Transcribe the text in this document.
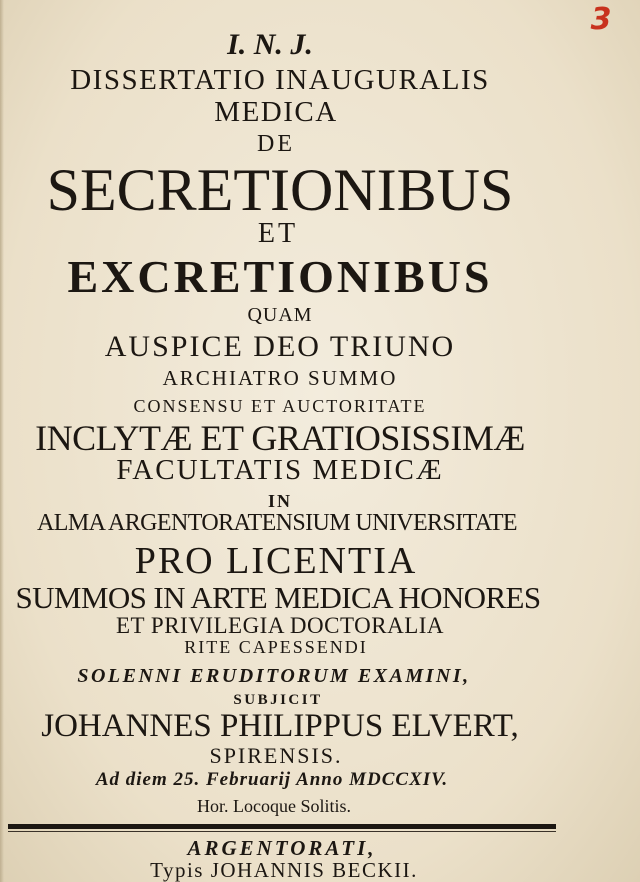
3
I. N. J.
DISSERTATIO INAUGURALIS
MEDICA
DE
SECRETIONIBUS
ET
EXCRETIONIBUS
QUAM
AUSPICE DEO TRIUNO
ARCHIATRO SUMMO
CONSENSU ET AUCTORITATE
INCLYTÆ ET GRATIOSISSIMÆ
FACULTATIS MEDICÆ
IN
ALMA ARGENTORATENSIUM UNIVERSITATE
PRO LICENTIA
SUMMOS IN ARTE MEDICA HONORES
ET PRIVILEGIA DOCTORALIA
RITE CAPESSENDI
SOLENNI ERUDITORUM EXAMINI,
SUBJICIT
JOHANNES PHILIPPUS ELVERT,
SPIRENSIS.
Ad diem 25. Februarij Anno MDCCXIV.
Hor. Locoque Solitis.
ARGENTORATI,
Typis JOHANNIS BECKII.
